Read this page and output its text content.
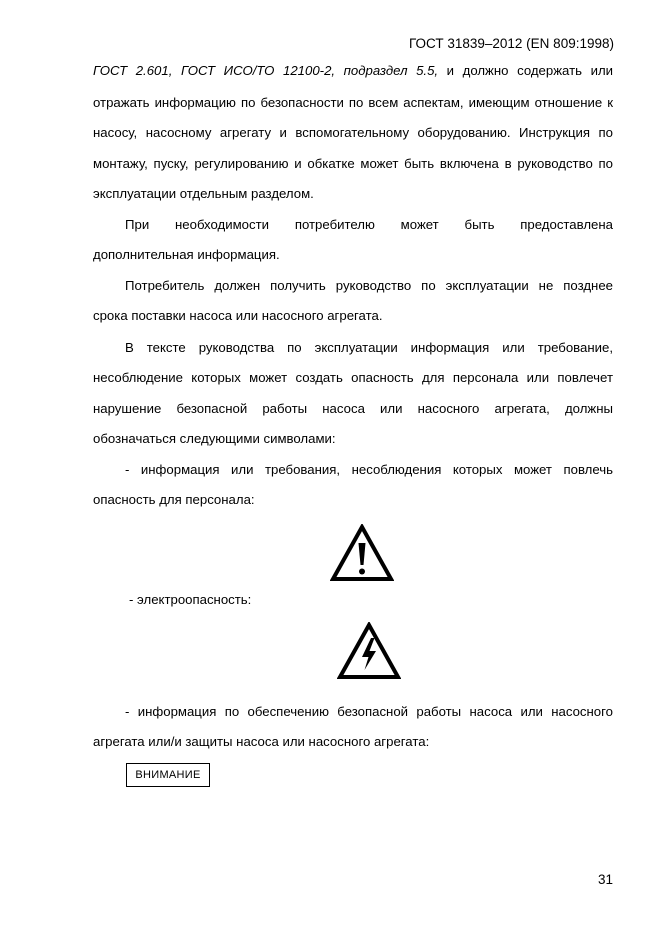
ГОСТ 31839–2012 (EN 809:1998)
ГОСТ 2.601, ГОСТ ИСО/ТО 12100-2, подраздел 5.5, и должно содержать или
отражать информацию по безопасности по всем аспектам, имеющим отношение к
насосу, насосному агрегату и вспомогательному оборудованию. Инструкция по
монтажу, пуску, регулированию и обкатке может быть включена в руководство по
эксплуатации отдельным разделом.
При необходимости потребителю может быть предоставлена
дополнительная информация.
Потребитель должен получить руководство по эксплуатации не позднее
срока поставки насоса или насосного агрегата.
В тексте руководства по эксплуатации информация или требование,
несоблюдение которых может создать опасность для персонала или повлечет
нарушение безопасной работы насоса или насосного агрегата, должны
обозначаться следующими символами:
- информация или требования, несоблюдения которых может повлечь
опасность для персонала:
- электроопасность:
- информация по обеспечению безопасной работы насоса или насосного
агрегата или/и защиты насоса или насосного агрегата:
ВНИМАНИЕ
31
